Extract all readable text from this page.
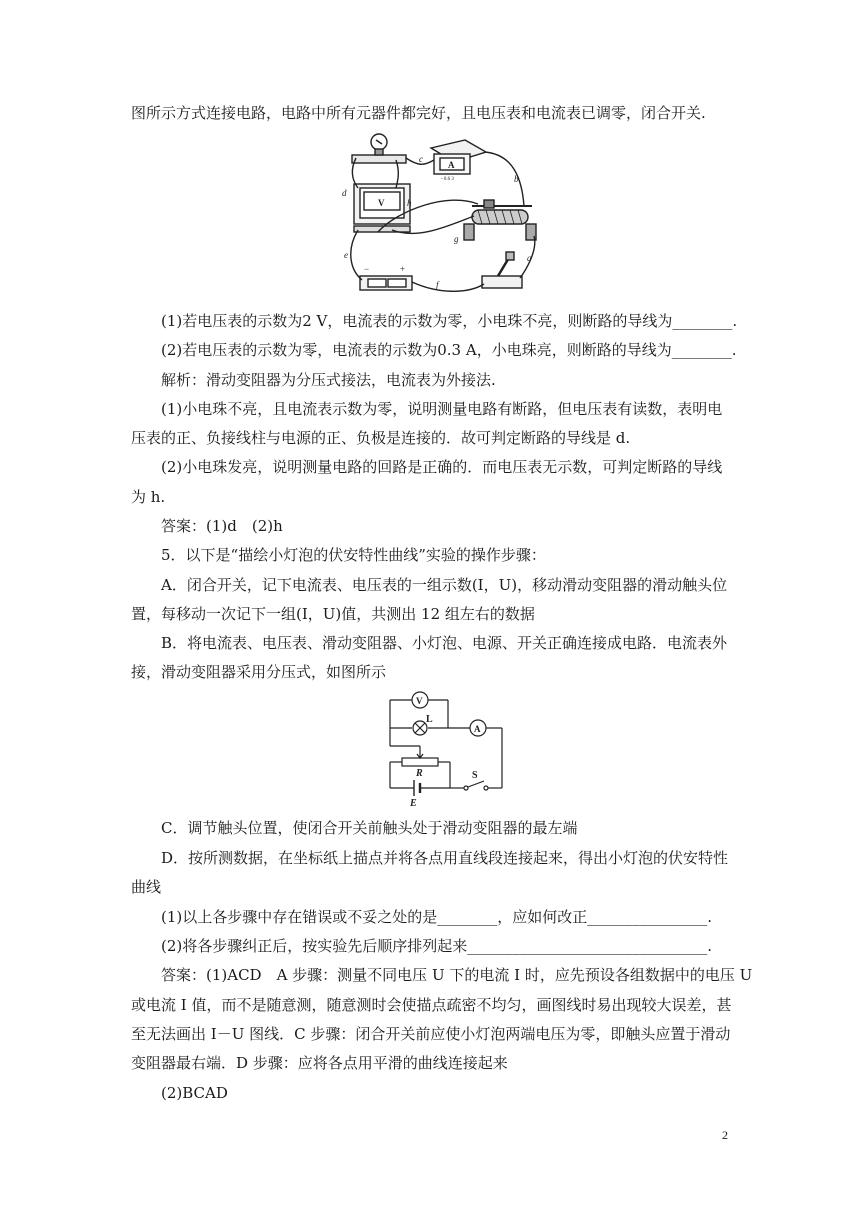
图所示方式连接电路，电路中所有元器件都完好，且电压表和电流表已调零，闭合开关.
a
b
c
d
e
f
g
h
A
- 0.6 3
V
−	+
(1)若电压表的示数为2 V，电流表的示数为零，小电珠不亮，则断路的导线为________.
(2)若电压表的示数为零，电流表的示数为0.3 A，小电珠亮，则断路的导线为________.
解析：滑动变阻器为分压式接法，电流表为外接法.
(1)小电珠不亮，且电流表示数为零，说明测量电路有断路，但电压表有读数，表明电
压表的正、负接线柱与电源的正、负极是连接的．故可判定断路的导线是 d.
(2)小电珠发亮，说明测量电路的回路是正确的．而电压表无示数，可判定断路的导线
为 h.
答案：(1)d　(2)h
5．以下是“描绘小灯泡的伏安特性曲线”实验的操作步骤：
A．闭合开关，记下电流表、电压表的一组示数(I，U)，移动滑动变阻器的滑动触头位
置，每移动一次记下一组(I，U)值，共测出 12 组左右的数据
B．将电流表、电压表、滑动变阻器、小灯泡、电源、开关正确连接成电路．电流表外
接，滑动变阻器采用分压式，如图所示
V
L
A
R	S
E
C．调节触头位置，使闭合开关前触头处于滑动变阻器的最左端
D．按所测数据，在坐标纸上描点并将各点用直线段连接起来，得出小灯泡的伏安特性
曲线
(1)以上各步骤中存在错误或不妥之处的是________，应如何改正________________.
(2)将各步骤纠正后，按实验先后顺序排列起来________________________________.
答案：(1)ACD　A 步骤：测量不同电压 U 下的电流 I 时，应先预设各组数据中的电压 U
或电流 I 值，而不是随意测，随意测时会使描点疏密不均匀，画图线时易出现较大误差，甚
至无法画出 I－U 图线．C 步骤：闭合开关前应使小灯泡两端电压为零，即触头应置于滑动
变阻器最右端．D 步骤：应将各点用平滑的曲线连接起来
(2)BCAD
2
